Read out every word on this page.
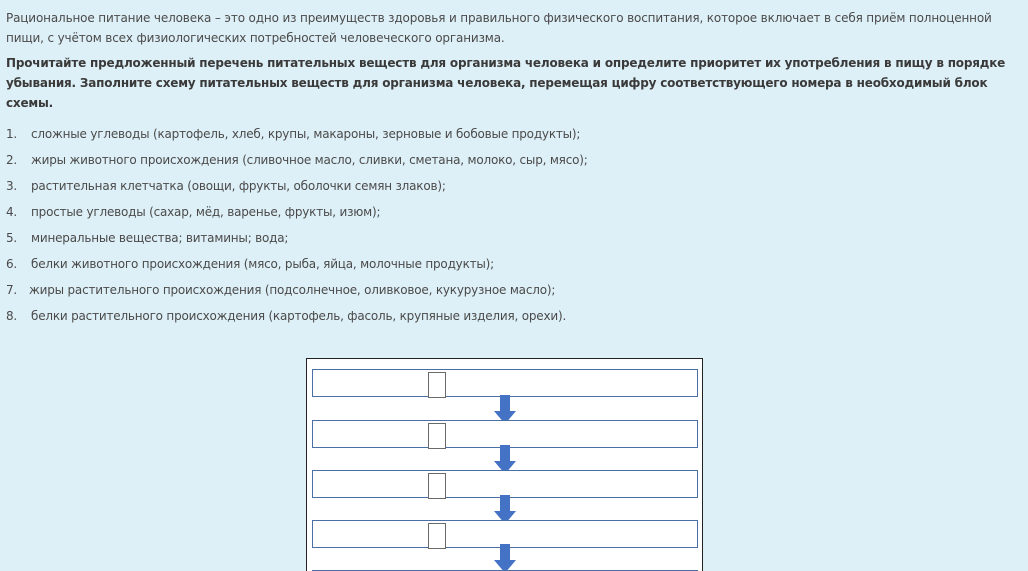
Рациональное питание человека – это одно из преимуществ здоровья и правильного физического воспитания, которое включает в себя приём полноценной пищи, с учётом всех физиологических потребностей человеческого организма.

Прочитайте предложенный перечень питательных веществ для организма человека и определите приоритет их употребления в пищу в порядке убывания. Заполните схему питательных веществ для организма человека, перемещая цифру соответствующего номера в необходимый блок схемы.

1. сложные углеводы (картофель, хлеб, крупы, макароны, зерновые и бобовые продукты);
2. жиры животного происхождения (сливочное масло, сливки, сметана, молоко, сыр, мясо);
3. растительная клетчатка (овощи, фрукты, оболочки семян злаков);
4. простые углеводы (сахар, мёд, варенье, фрукты, изюм);
5. минеральные вещества; витамины; вода;
6. белки животного происхождения (мясо, рыба, яйца, молочные продукты);
7. жиры растительного происхождения (подсолнечное, оливковое, кукурузное масло);
8. белки растительного происхождения (картофель, фасоль, крупяные изделия, орехи).
